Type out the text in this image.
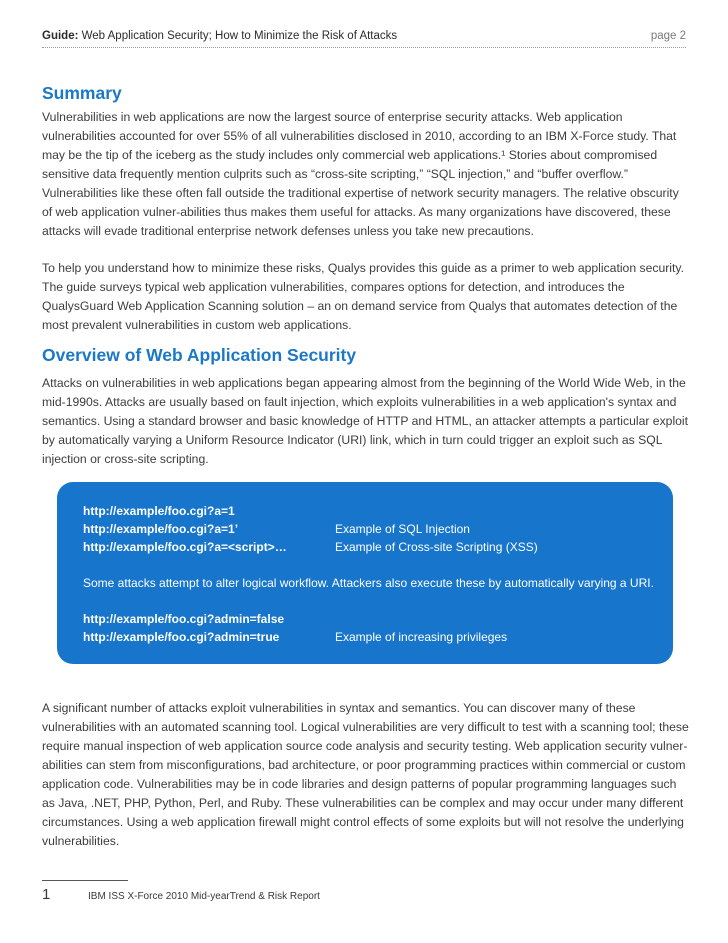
Guide: Web Application Security; How to Minimize the Risk of Attacks	page 2
Summary

Vulnerabilities in web applications are now the largest source of enterprise security attacks. Web application vulnerabilities accounted for over 55% of all vulnerabilities disclosed in 2010, according to an IBM X-Force study. That may be the tip of the iceberg as the study includes only commercial web applications.¹ Stories about compromised sensitive data frequently mention culprits such as “cross-site scripting,” “SQL injection,” and “buffer overflow.” Vulnerabilities like these often fall outside the traditional expertise of network security managers. The relative obscurity of web application vulner-abilities thus makes them useful for attacks. As many organizations have discovered, these attacks will evade traditional enterprise network defenses unless you take new precautions.

To help you understand how to minimize these risks, Qualys provides this guide as a primer to web application security. The guide surveys typical web application vulnerabilities, compares options for detection, and introduces the QualysGuard Web Application Scanning solution – an on demand service from Qualys that automates detection of the most prevalent vulnerabilities in custom web applications.

Overview of Web Application Security

Attacks on vulnerabilities in web applications began appearing almost from the beginning of the World Wide Web, in the mid-1990s. Attacks are usually based on fault injection, which exploits vulnerabilities in a web application's syntax and semantics. Using a standard browser and basic knowledge of HTTP and HTML, an attacker attempts a particular exploit by automatically varying a Uniform Resource Indicator (URI) link, which in turn could trigger an exploit such as SQL injection or cross-site scripting.

http://example/foo.cgi?a=1
http://example/foo.cgi?a=1’	Example of SQL Injection
http://example/foo.cgi?a=<script>…	Example of Cross-site Scripting (XSS)
Some attacks attempt to alter logical workflow. Attackers also execute these by automatically varying a URI.
http://example/foo.cgi?admin=false
http://example/foo.cgi?admin=true	Example of increasing privileges

A significant number of attacks exploit vulnerabilities in syntax and semantics. You can discover many of these vulnerabilities with an automated scanning tool. Logical vulnerabilities are very difficult to test with a scanning tool; these require manual inspection of web application source code analysis and security testing. Web application security vulner-abilities can stem from misconfigurations, bad architecture, or poor programming practices within commercial or custom application code. Vulnerabilities may be in code libraries and design patterns of popular programming languages such as Java, .NET, PHP, Python, Perl, and Ruby. These vulnerabilities can be complex and may occur under many different circumstances. Using a web application firewall might control effects of some exploits but will not resolve the underlying vulnerabilities.

1	IBM ISS X-Force 2010 Mid-yearTrend & Risk Report
